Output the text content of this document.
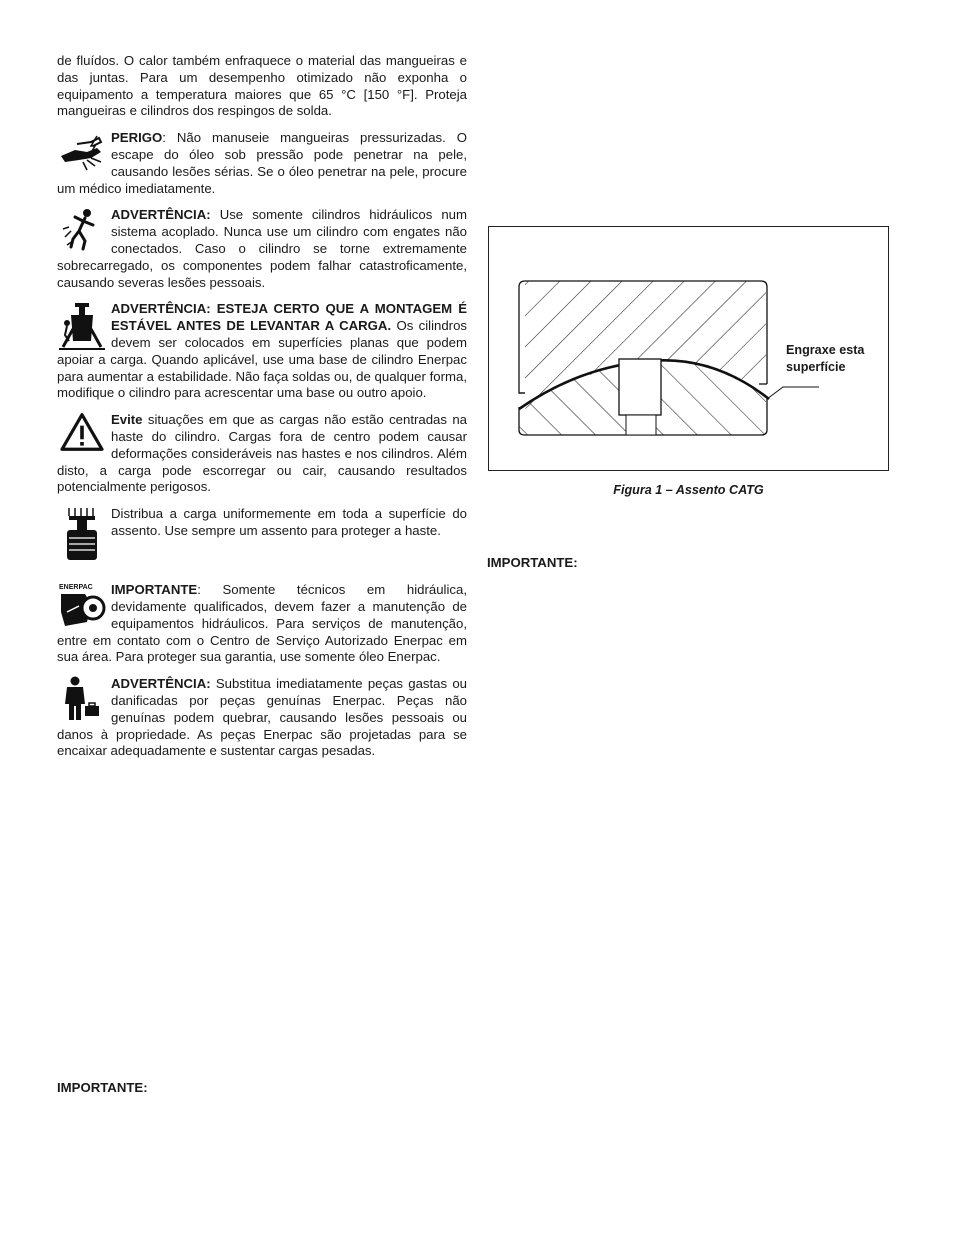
de fluídos. O calor também enfraquece o material das mangueiras e das juntas. Para um desempenho otimizado não exponha o equipamento a temperatura maiores que 65 °C [150 °F]. Proteja mangueiras e cilindros dos respingos de solda.

PERIGO: Não manuseie mangueiras pressurizadas. O escape do óleo sob pressão pode penetrar na pele, causando lesões sérias. Se o óleo penetrar na pele, procure um médico imediatamente.

ADVERTÊNCIA: Use somente cilindros hidráulicos num sistema acoplado. Nunca use um cilindro com engates não conectados. Caso o cilindro se torne extremamente sobrecarregado, os componentes podem falhar catastroficamente, causando severas lesões pessoais.

ADVERTÊNCIA: ESTEJA CERTO QUE A MONTAGEM É ESTÁVEL ANTES DE LEVANTAR A CARGA. Os cilindros devem ser colocados em superfícies planas que podem apoiar a carga. Quando aplicável, use uma base de cilindro Enerpac para aumentar a estabilidade. Não faça soldas ou, de qualquer forma, modifique o cilindro para acrescentar uma base ou outro apoio.

Evite situações em que as cargas não estão centradas na haste do cilindro. Cargas fora de centro podem causar deformações consideráveis nas hastes e nos cilindros. Além disto, a carga pode escorregar ou cair, causando resultados potencialmente perigosos.

Distribua a carga uniformemente em toda a superfície do assento. Use sempre um assento para proteger a haste.

ENERPAC	IMPORTANTE: Somente técnicos em hidráulica, devidamente qualificados, devem fazer a manutenção de equipamentos hidráulicos. Para serviços de manutenção, entre em contato com o Centro de Serviço Autorizado Enerpac em sua área. Para proteger sua garantia, use somente óleo Enerpac.

ADVERTÊNCIA: Substitua imediatamente peças gastas ou danificadas por peças genuínas Enerpac. Peças não genuínas podem quebrar, causando lesões pessoais ou danos à propriedade. As peças Enerpac são projetadas para se encaixar adequadamente e sustentar cargas pesadas.

IMPORTANTE:
Engraxe esta
superfície
Figura 1 – Assento CATG
IMPORTANTE:
